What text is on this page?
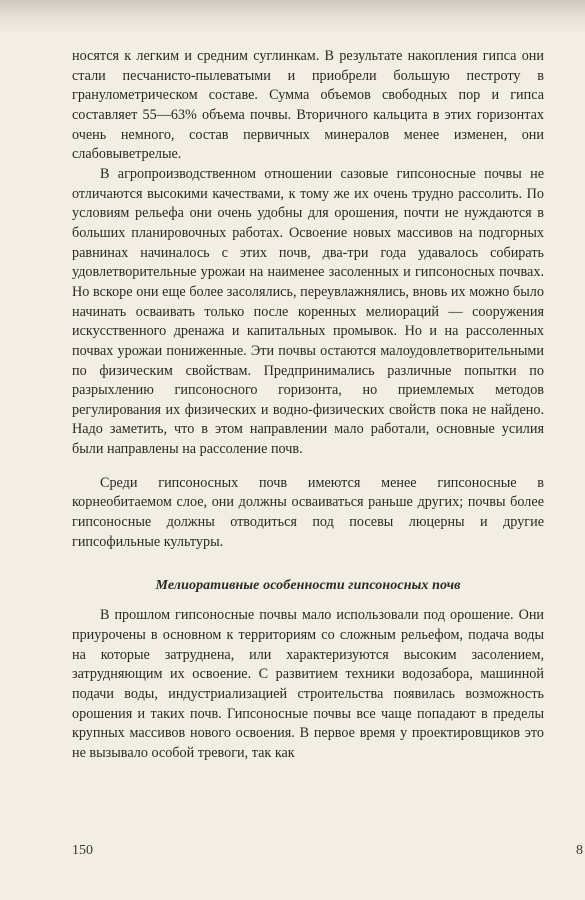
носятся к легким и средним суглинкам. В результате накопления гипса они стали песчанисто-пылеватыми и приобрели большую пестроту в гранулометрическом составе. Сумма объемов свободных пор и гипса составляет 55—63% объема почвы. Вторичного кальцита в этих горизонтах очень немного, состав первичных минералов менее изменен, они слабовыветрелые.

В агропроизводственном отношении сазовые гипсоносные почвы не отличаются высокими качествами, к тому же их очень трудно рассолить. По условиям рельефа они очень удобны для орошения, почти не нуждаются в больших планировочных работах. Освоение новых массивов на подгорных равнинах начиналось с этих почв, два-три года удавалось собирать удовлетворительные урожаи на наименее засоленных и гипсоносных почвах. Но вскоре они еще более засолялись, переувлажнялись, вновь их можно было начинать осваивать только после коренных мелиораций — сооружения искусственного дренажа и капитальных промывок. Но и на рассоленных почвах урожаи пониженные. Эти почвы остаются малоудовлетворительными по физическим свойствам. Предпринимались различные попытки по разрыхлению гипсоносного горизонта, но приемлемых методов регулирования их физических и водно-физических свойств пока не найдено. Надо заметить, что в этом направлении мало работали, основные усилия были направлены на рассоление почв.

Среди гипсоносных почв имеются менее гипсоносные в корнеобитаемом слое, они должны осваиваться раньше других; почвы более гипсоносные должны отводиться под посевы люцерны и другие гипсофильные культуры.

Мелиоративные особенности гипсоносных почв

В прошлом гипсоносные почвы мало использовали под орошение. Они приурочены в основном к территориям со сложным рельефом, подача воды на которые затруднена, или характеризуются высоким засолением, затрудняющим их освоение. С развитием техники водозабора, машинной подачи воды, индустриализацией строительства появилась возможность орошения и таких почв. Гипсоносные почвы все чаще попадают в пределы крупных массивов нового освоения. В первое время у проектировщиков это не вызывало особой тревоги, так как

150	8
